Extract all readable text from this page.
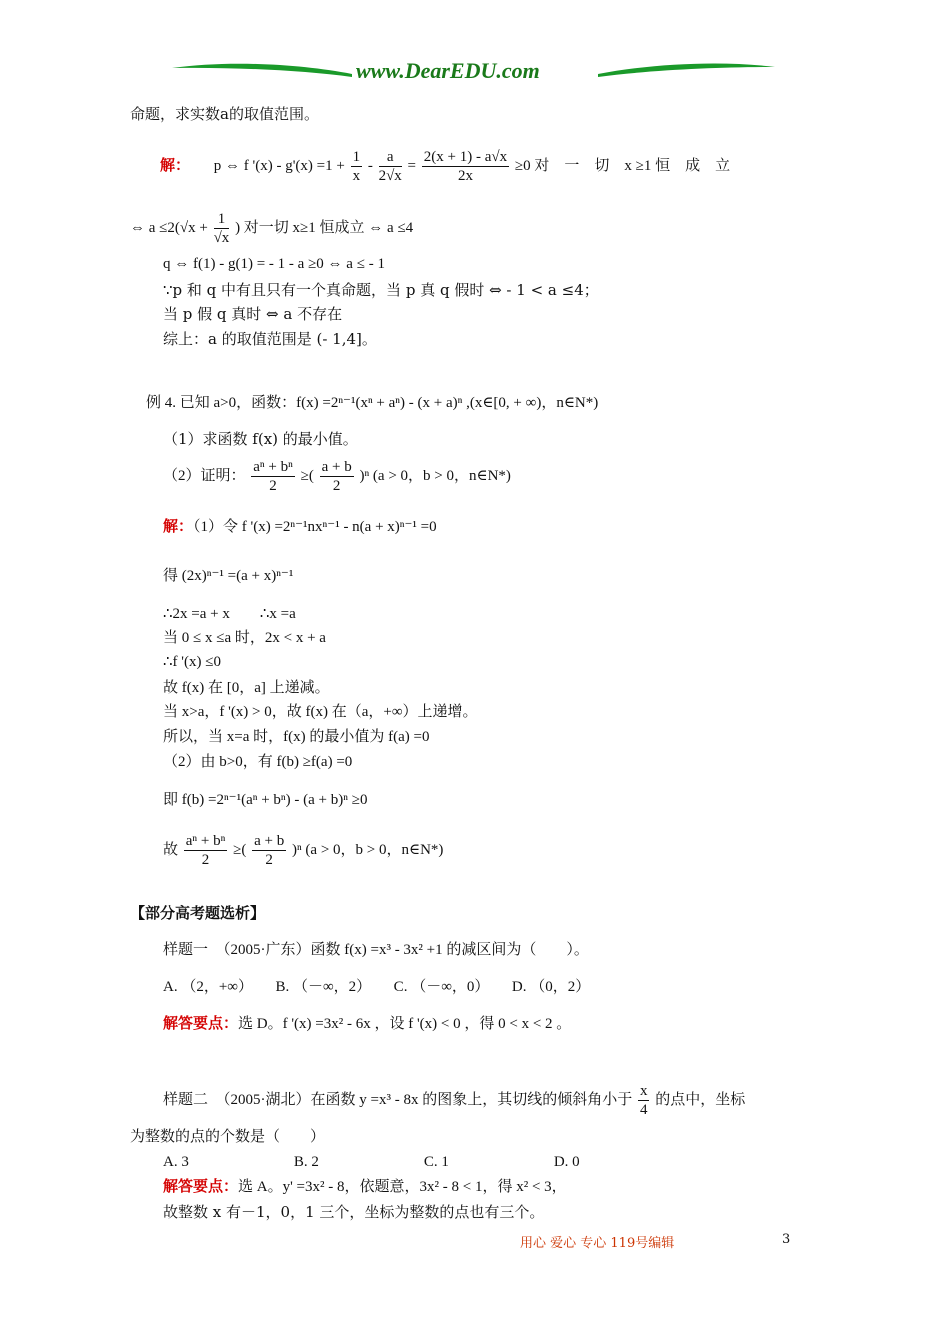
www.DearEDU.com
命题，求实数a的取值范围。
解： p ⇔ f '$(x) - g'(x) =1 + \frac{1}{x} - \frac{a}{2√x} = \frac{2(x + 1) - a√x}{2x} \ge 0$ 对　一　切　x ≥1 恒　成　立
⇔ $a \le 2(√x + \frac{1}{√x}$ ) 对一切 x≥1 恒成立 ⇔ a ≤4
q ⇔ f(1) - g(1) = - 1 - a ≥0 ⇔ a ≤ - 1
∵p 和 q 中有且只有一个真命题，当 p 真 q 假时 ⇔ - 1 < a ≤4；
当 p 假 q 真时 ⇔ a 不存在
综上：a 的取值范围是 (- 1,4]。
例 4. 已知 a>0，函数：f(x) =2ⁿ⁻¹(xⁿ + aⁿ) - (x + a)ⁿ ,(x∈[0, + ∞)，n∈N*)
（1）求函数 f(x) 的最小值。
（2）证明： $\frac{\text{aⁿ + bⁿ}}{2}$ ≥( $\frac{a + b}{2} )^n$ (a > 0，b > 0，n∈N*)
解：（1）令 f '(x) =2ⁿ⁻¹nxⁿ⁻¹ - n(a + x)ⁿ⁻¹ =0
得 (2x)ⁿ⁻¹ =(a + x)ⁿ⁻¹
∴2x =a + x　　∴x =a
当 0 ≤ x ≤a 时，2x < x + a
∴f '(x) ≤0
故 f(x) 在 [0，a] 上递减。
当 x>a，f '(x) > 0，故 f(x) 在（a，+∞）上递增。
所以，当 x=a 时，f(x) 的最小值为 f(a) =0
（2）由 b>0，有 f(b) ≥f(a) =0
即 f(b) =2ⁿ⁻¹(aⁿ + bⁿ) - (a + b)ⁿ ≥0
故 $\frac{\text{aⁿ + bⁿ}}{2}$ ≥( $\frac{a + b}{2} )^n$ (a > 0，b > 0，n∈N*)
【部分高考题选析】
样题一　（2005·广东）函数 f(x) =x³ - 3x² +1 的减区间为（　　）。
A. （2，+∞）　　B. （－∞，2）　　C. （－∞，0）　　D. （0，2）
解答要点：选 D。f '(x) =3x² - 6x ，设 f '(x) < 0 ，得 0 < x < 2 。
样题二　（2005·湖北）在函数 y =x³ - 8x 的图象上，其切线的倾斜角小于 $\frac{x}{4}$ 的点中，坐标
为整数的点的个数是（　　）
A. 3　　　　　　　B. 2　　　　　　　C. 1　　　　　　　D. 0
解答要点：选 A。y' =3x² - 8，依题意，3x² - 8 < 1，得 x² < 3，
故整数 x 有－1，0，1 三个，坐标为整数的点也有三个。
用心 爱心 专心 119号编辑	3
